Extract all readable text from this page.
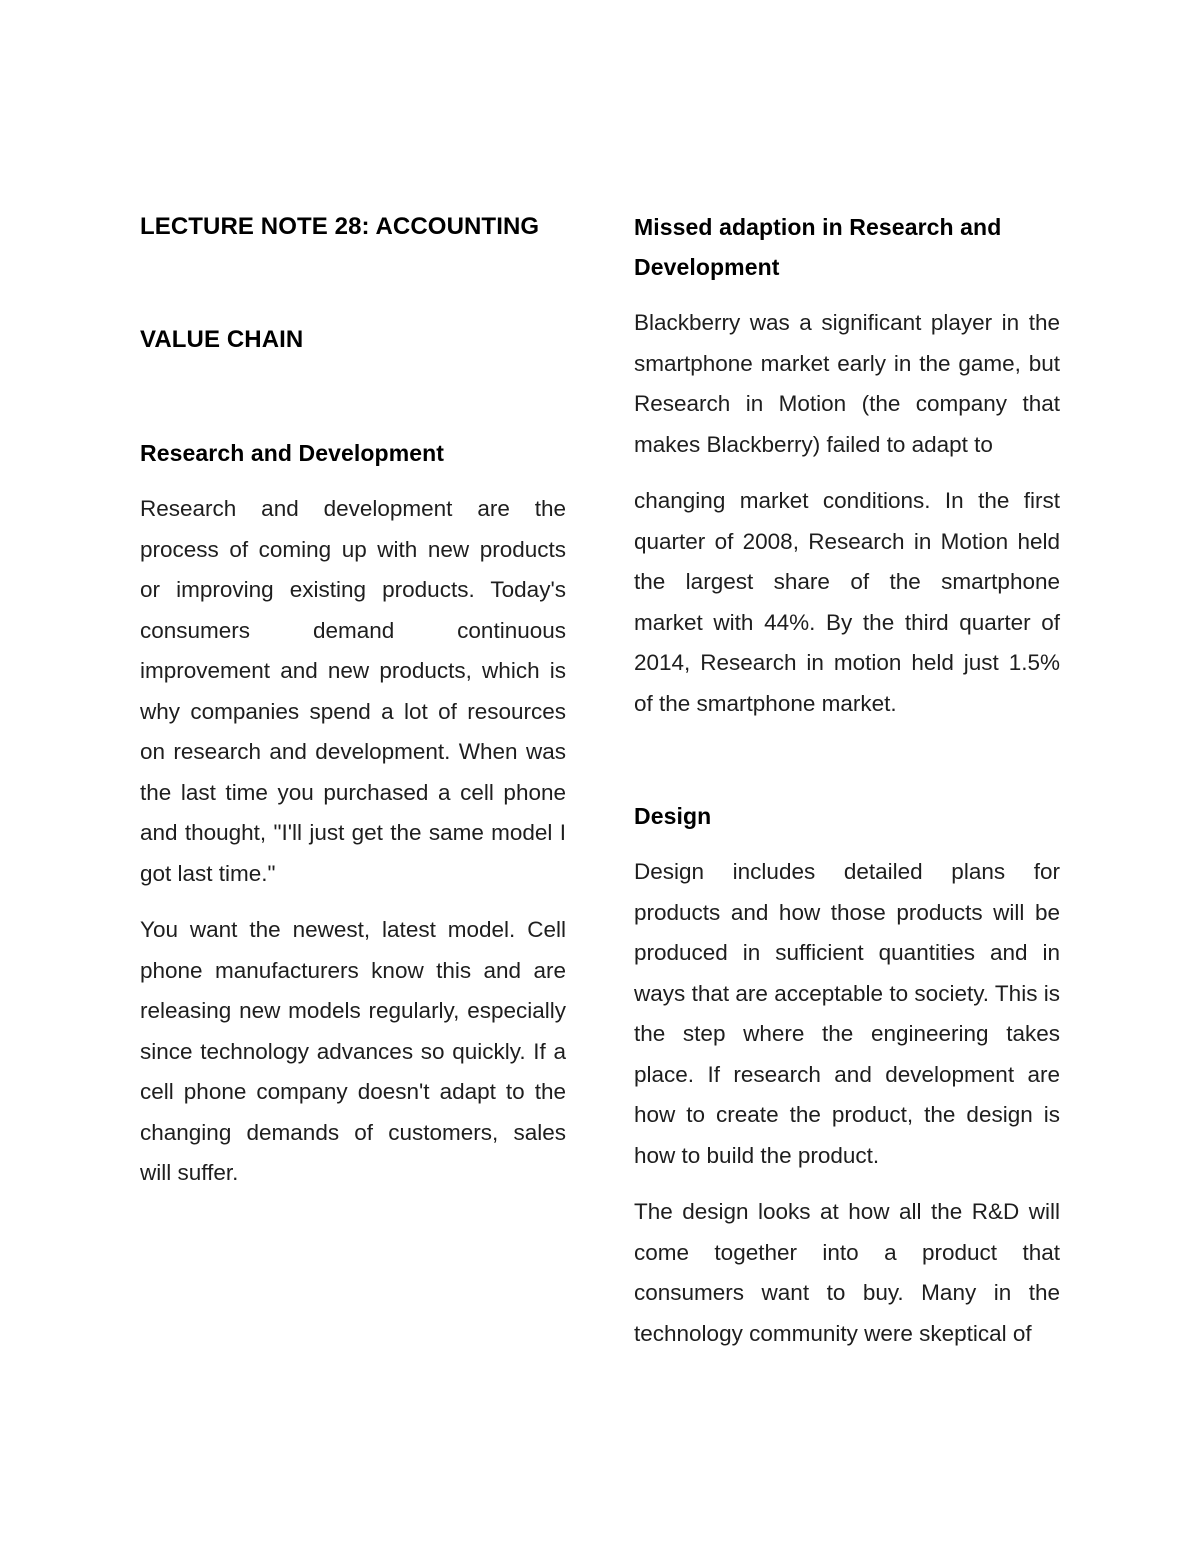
LECTURE NOTE 28: ACCOUNTING
VALUE CHAIN
Research and Development

Research and development are the process of coming up with new products or improving existing products. Today's consumers demand continuous improvement and new products, which is why companies spend a lot of resources on research and development. When was the last time you purchased a cell phone and thought, "I'll just get the same model I got last time."

You want the newest, latest model. Cell phone manufacturers know this and are releasing new models regularly, especially since technology advances so quickly. If a cell phone company doesn't adapt to the changing demands of customers, sales will suffer.

Missed adaption in Research and
Development

Blackberry was a significant player in the smartphone market early in the game, but Research in Motion (the company that makes Blackberry) failed to adapt to

changing market conditions. In the first quarter of 2008, Research in Motion held the largest share of the smartphone market with 44%. By the third quarter of 2014, Research in motion held just 1.5% of the smartphone market.

Design

Design includes detailed plans for products and how those products will be produced in sufficient quantities and in ways that are acceptable to society. This is the step where the engineering takes place. If research and development are how to create the product, the design is how to build the product.

The design looks at how all the R&D will come together into a product that consumers want to buy. Many in the technology community were skeptical of
